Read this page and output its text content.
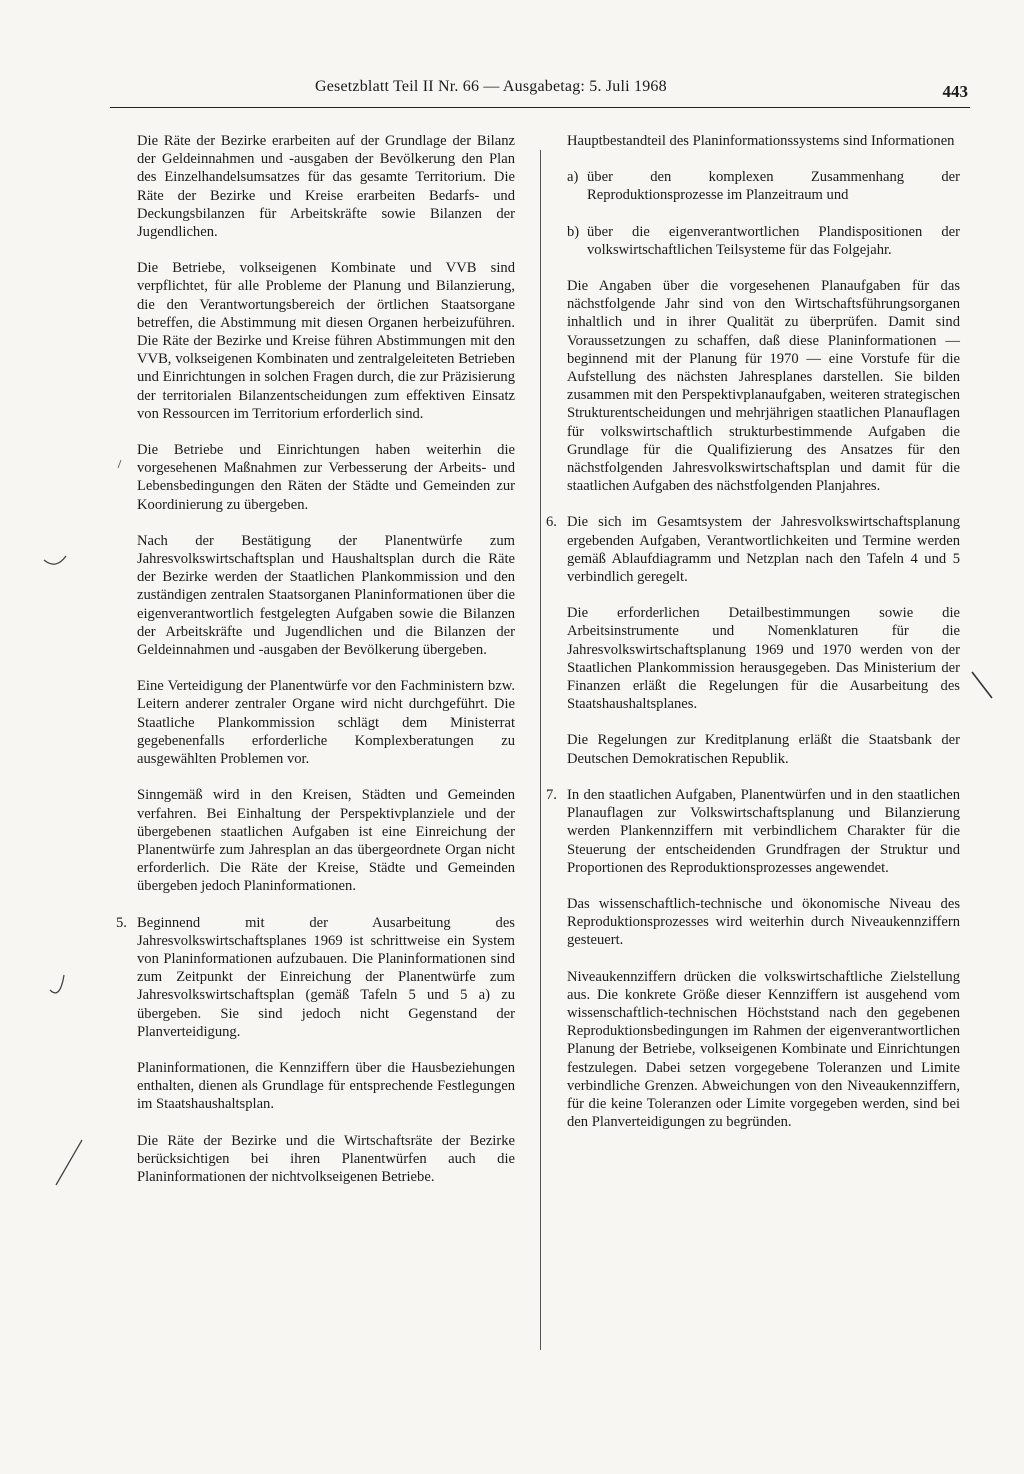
Gesetzblatt Teil II Nr. 66 — Ausgabetag: 5. Juli 1968	443

Die Räte der Bezirke erarbeiten auf der Grundlage der Bilanz der Geldeinnahmen und -ausgaben der Bevölkerung den Plan des Einzelhandelsumsatzes für das gesamte Territorium. Die Räte der Bezirke und Kreise erarbeiten Bedarfs- und Deckungsbilanzen für Arbeitskräfte sowie Bilanzen der Jugendlichen.

Die Betriebe, volkseigenen Kombinate und VVB sind verpflichtet, für alle Probleme der Planung und Bilanzierung, die den Verantwortungsbereich der örtlichen Staatsorgane betreffen, die Abstimmung mit diesen Organen herbeizuführen. Die Räte der Bezirke und Kreise führen Abstimmungen mit den VVB, volkseigenen Kombinaten und zentralgeleiteten Betrieben und Einrichtungen in solchen Fragen durch, die zur Präzisierung der territorialen Bilanzentscheidungen zum effektiven Einsatz von Ressourcen im Territorium erforderlich sind.

Die Betriebe und Einrichtungen haben weiterhin die vorgesehenen Maßnahmen zur Verbesserung der Arbeits- und Lebensbedingungen den Räten der Städte und Gemeinden zur Koordinierung zu übergeben.

Nach der Bestätigung der Planentwürfe zum Jahresvolkswirtschaftsplan und Haushaltsplan durch die Räte der Bezirke werden der Staatlichen Plankommission und den zuständigen zentralen Staatsorganen Planinformationen über die eigenverantwortlich festgelegten Aufgaben sowie die Bilanzen der Arbeitskräfte und Jugendlichen und die Bilanzen der Geldeinnahmen und -ausgaben der Bevölkerung übergeben.

Eine Verteidigung der Planentwürfe vor den Fachministern bzw. Leitern anderer zentraler Organe wird nicht durchgeführt. Die Staatliche Plankommission schlägt dem Ministerrat gegebenenfalls erforderliche Komplexberatungen zu ausgewählten Problemen vor.

Sinngemäß wird in den Kreisen, Städten und Gemeinden verfahren. Bei Einhaltung der Perspektivplanziele und der übergebenen staatlichen Aufgaben ist eine Einreichung der Planentwürfe zum Jahresplan an das übergeordnete Organ nicht erforderlich. Die Räte der Kreise, Städte und Gemeinden übergeben jedoch Planinformationen.

5. Beginnend mit der Ausarbeitung des Jahresvolkswirtschaftsplanes 1969 ist schrittweise ein System von Planinformationen aufzubauen. Die Planinformationen sind zum Zeitpunkt der Einreichung der Planentwürfe zum Jahresvolkswirtschaftsplan (gemäß Tafeln 5 und 5 a) zu übergeben. Sie sind jedoch nicht Gegenstand der Planverteidigung.

Planinformationen, die Kennziffern über die Hausbeziehungen enthalten, dienen als Grundlage für entsprechende Festlegungen im Staatshaushaltsplan.

Die Räte der Bezirke und die Wirtschaftsräte der Bezirke berücksichtigen bei ihren Planentwürfen auch die Planinformationen der nichtvolkseigenen Betriebe.

Hauptbestandteil des Planinformationssystems sind Informationen

a) über den komplexen Zusammenhang der Reproduktionsprozesse im Planzeitraum und
b) über die eigenverantwortlichen Plandispositionen der volkswirtschaftlichen Teilsysteme für das Folgejahr.

Die Angaben über die vorgesehenen Planaufgaben für das nächstfolgende Jahr sind von den Wirtschaftsführungsorganen inhaltlich und in ihrer Qualität zu überprüfen. Damit sind Voraussetzungen zu schaffen, daß diese Planinformationen — beginnend mit der Planung für 1970 — eine Vorstufe für die Aufstellung des nächsten Jahresplanes darstellen. Sie bilden zusammen mit den Perspektivplanaufgaben, weiteren strategischen Strukturentscheidungen und mehrjährigen staatlichen Planauflagen für volkswirtschaftlich strukturbestimmende Aufgaben die Grundlage für die Qualifizierung des Ansatzes für den nächstfolgenden Jahresvolkswirtschaftsplan und damit für die staatlichen Aufgaben des nächstfolgenden Planjahres.

6. Die sich im Gesamtsystem der Jahresvolkswirtschaftsplanung ergebenden Aufgaben, Verantwortlichkeiten und Termine werden gemäß Ablaufdiagramm und Netzplan nach den Tafeln 4 und 5 verbindlich geregelt.

Die erforderlichen Detailbestimmungen sowie die Arbeitsinstrumente und Nomenklaturen für die Jahresvolkswirtschaftsplanung 1969 und 1970 werden von der Staatlichen Plankommission herausgegeben. Das Ministerium der Finanzen erläßt die Regelungen für die Ausarbeitung des Staatshaushaltsplanes.

Die Regelungen zur Kreditplanung erläßt die Staatsbank der Deutschen Demokratischen Republik.

7. In den staatlichen Aufgaben, Planentwürfen und in den staatlichen Planauflagen zur Volkswirtschaftsplanung und Bilanzierung werden Plankennziffern mit verbindlichem Charakter für die Steuerung der entscheidenden Grundfragen der Struktur und Proportionen des Reproduktionsprozesses angewendet.

Das wissenschaftlich-technische und ökonomische Niveau des Reproduktionsprozesses wird weiterhin durch Niveaukennziffern gesteuert.

Niveaukennziffern drücken die volkswirtschaftliche Zielstellung aus. Die konkrete Größe dieser Kennziffern ist ausgehend vom wissenschaftlich-technischen Höchststand nach den gegebenen Reproduktionsbedingungen im Rahmen der eigenverantwortlichen Planung der Betriebe, volkseigenen Kombinate und Einrichtungen festzulegen. Dabei setzen vorgegebene Toleranzen und Limite verbindliche Grenzen. Abweichungen von den Niveaukennziffern, für die keine Toleranzen oder Limite vorgegeben werden, sind bei den Planverteidigungen zu begründen.
